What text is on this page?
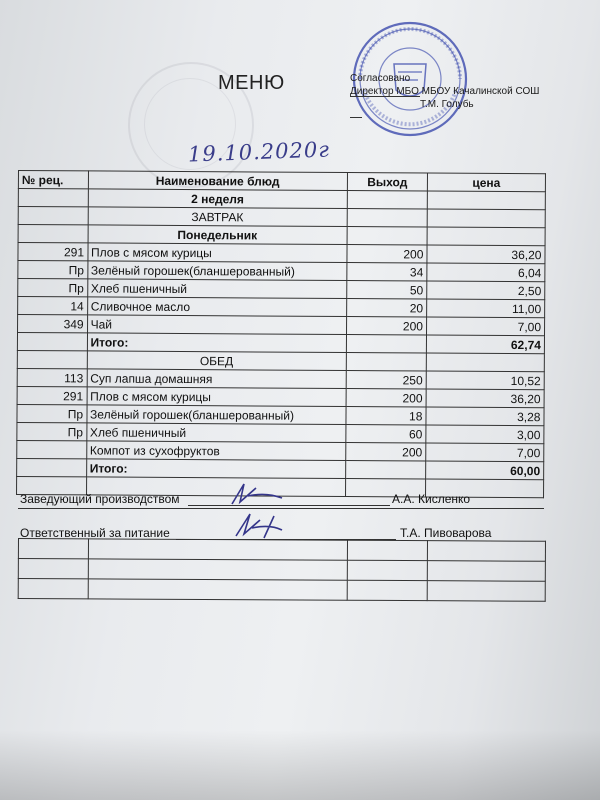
МЕНЮ	Согласовано
Директор МБО МБОУ Качалинской СОШ
Т.М. Голубь
19.10.2020г
№ рец.	Наименование блюд	Выход	цена
	2 неделя		
	ЗАВТРАК		
	Понедельник		
291	Плов с мясом курицы	200	36,20
Пр	Зелёный горошек(бланшерованный)	34	6,04
Пр	Хлеб пшеничный	50	2,50
14	Сливочное масло	20	11,00
349	Чай	200	7,00
	Итого:		62,74
	ОБЕД		
113	Суп лапша домашняя	250	10,52
291	Плов с мясом курицы	200	36,20
Пр	Зелёный горошек(бланшерованный)	18	3,28
Пр	Хлеб пшеничный	60	3,00
	Компот из сухофруктов	200	7,00
	Итого:		60,00

Заведующий производством	А.А. Кисленко
Ответственный за питание	Т.А. Пивоварова
